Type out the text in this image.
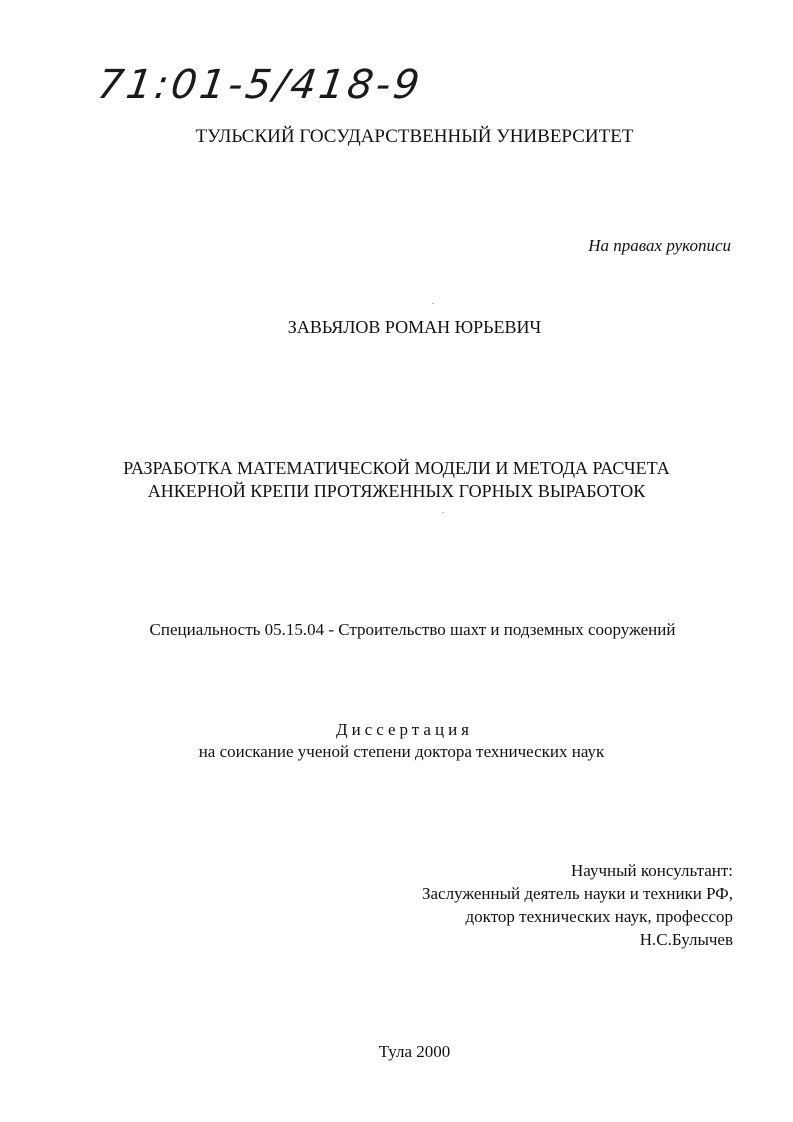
71:01-5/418-9
ТУЛЬСКИЙ ГОСУДАРСТВЕННЫЙ УНИВЕРСИТЕТ
На правах рукописи
ЗАВЬЯЛОВ РОМАН ЮРЬЕВИЧ
РАЗРАБОТКА МАТЕМАТИЧЕСКОЙ МОДЕЛИ И МЕТОДА РАСЧЕТА
АНКЕРНОЙ КРЕПИ ПРОТЯЖЕННЫХ ГОРНЫХ ВЫРАБОТОК
Специальность 05.15.04 - Строительство шахт и подземных сооружений
Диссертация
на соискание ученой степени доктора технических наук
Научный консультант:
Заслуженный деятель науки и техники РФ,
доктор технических наук, профессор
Н.С.Булычев
Тула 2000
